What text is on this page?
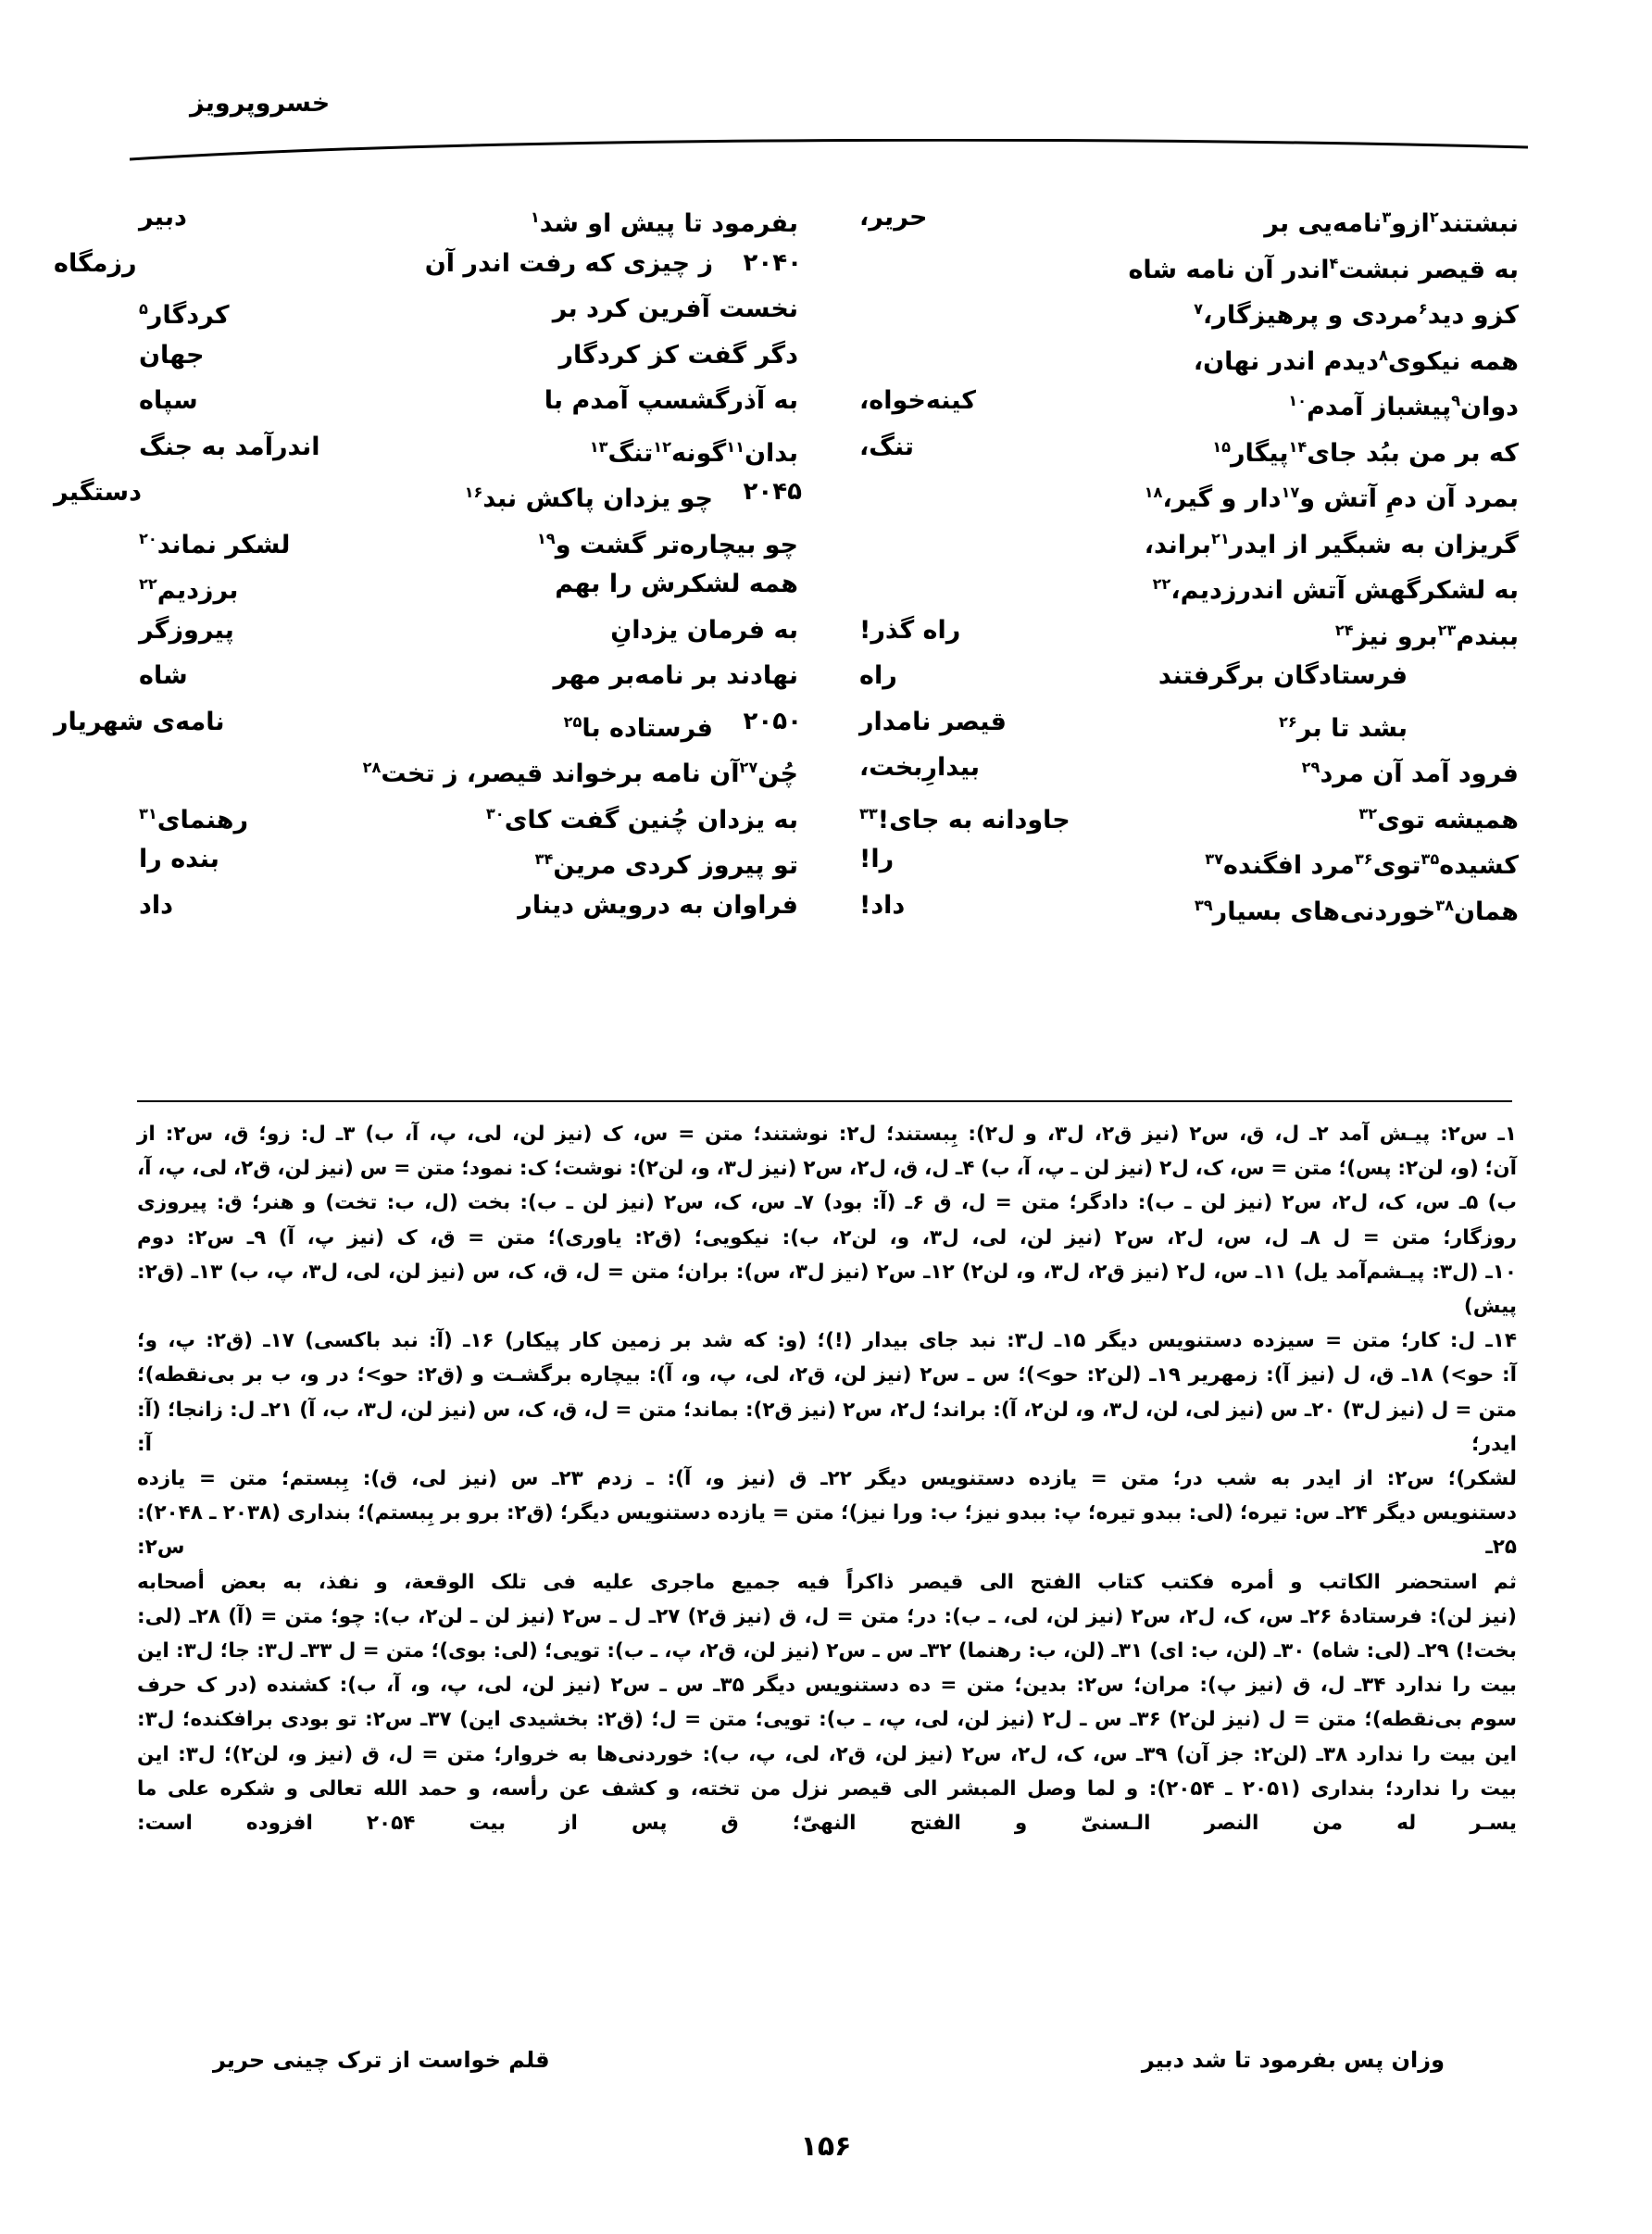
خسروپرویز
بفرمود تا پیش او شد$^۱$
دبیر
۲۰۴۰
ز چیزی که رفت اندر آن
رزمگاه
نخست آفرین کرد بر
کردگار$^۵$
دگر گفت کز کردگار
جهان
به آذرگشسپ آمدم با
سپاه
بدان$^{۱۱}$گونه$^{۱۲}$تنگ$^{۱۳}$
اندرآمد به جنگ
۲۰۴۵
چو یزدان پاکش نبد$^{۱۶}$
دستگیر
چو بیچاره‌تر گشت و$^{۱۹}$
لشکر نماند$^{۲۰}$
همه لشکرش را بهم
برزدیم$^{۲۲}$
به فرمان یزدانِ
پیروزگر
نهادند بر نامه‌بر مهر
شاه
۲۰۵۰
فرستاده با$^{۲۵}$
نامه‌ی شهریار
چُن$^{۲۷}$آن نامه برخواند قیصر، ز تخت$^{۲۸}$
به یزدان چُنین گفت کای$^{۳۰}$
رهنمای$^{۳۱}$
تو پیروز کردی مرین$^{۳۴}$
بنده را
فراوان به درویش دینار
داد
نبشتند$^۲$ازو$^۳$نامه‌یی بر
حریر،
به قیصر نبشت$^۴$اندر آن نامه شاه
کزو دید$^۶$مردی و پرهیزگار،$^۷$
همه نیکوی$^۸$دیدم اندر نهان،
دوان$^۹$پیشباز آمدم$^{۱۰}$
کینه‌خواه،
که بر من ببُد جای$^{۱۴}$پیگار$^{۱۵}$
تنگ،
بمرد آن دمِ آتش و$^{۱۷}$دار و گیر،$^{۱۸}$
گریزان به شبگیر از ایدر$^{۲۱}$براند،
به لشکرگهش آتش اندرزدیم،$^{۲۲}$
ببندم$^{۲۳}$برو نیز$^{۲۴}$
راه گذر!
فرستادگان برگرفتند
راه
بشد تا بر$^{۲۶}$
قیصر نامدار
فرود آمد آن مرد$^{۲۹}$
بیدارِبخت،
همیشه توی$^{۳۲}$
جاودانه به جای!$^{۳۳}$
کشیده$^{۳۵}$توی$^{۳۶}$مرد افگنده$^{۳۷}$
را!
همان$^{۳۸}$خوردنی‌های بسیار$^{۳۹}$
داد!

۱ـ س۲: پیـش آمد ۲ـ ل، ق، س۲ (نیز ق۲، ل۳، و ل۲): بِبستند؛ ل۲: نوشتند؛ متن = س، ک (نیز لن، لی، پ، آ، ب) ۳ـ ل: زو؛ ق، س۲: از

آن؛ (و، لن۲: پس)؛ متن = س، ک، ل۲ (نیز لن ـ پ، آ، ب) ۴ـ ل، ق، ل۲، س۲ (نیز ل۳، و، لن۲): نوشت؛ ک: نمود؛ متن = س (نیز لن، ق۲، لی، پ، آ،

ب) ۵ـ س، ک، ل۲، س۲ (نیز لن ـ ب): دادگر؛ متن = ل، ق ۶ـ (آ: بود) ۷ـ س، ک، س۲ (نیز لن ـ ب): بخت (ل، ب: تخت) و هنر؛ ق: پیروزی

روزگار؛ متن = ل ۸ـ ل، س، ل۲، س۲ (نیز لن، لی، ل۳، و، لن۲، ب): نیکویی؛ (ق۲: یاوری)؛ متن = ق، ک (نیز پ، آ) ۹ـ س۲: دوم

۱۰ـ (ل۳: پیـشم‌آمد یل) ۱۱ـ س، ل۲ (نیز ق۲، ل۳، و، لن۲) ۱۲ـ س۲ (نیز ل۳، س): بران؛ متن = ل، ق، ک، س (نیز لن، لی، ل۳، پ، ب) ۱۳ـ (ق۲: پیش)

۱۴ـ ل: کار؛ متن = سیزده دستنویس دیگر ۱۵ـ ل۳: نبد جای بیدار (!)؛ (و: که شد بر زمین کار پیکار) ۱۶ـ (آ: نبد باکسی) ۱۷ـ (ق۲: پ، و؛

آ: حو>) ۱۸ـ ق، ل (نیز آ): زمهریر ۱۹ـ (لن۲: حو>)؛ س ـ س۲ (نیز لن، ق۲، لی، پ، و، آ): بیچاره برگشـت و (ق۲: حو>؛ در و، ب بر بی‌نقطه)؛

متن = ل (نیز ل۳) ۲۰ـ س (نیز لی، لن، ل۳، و، لن۲، آ): براند؛ ل۲، س۲ (نیز ق۲): بماند؛ متن = ل، ق، ک، س (نیز لن، ل۳، ب، آ) ۲۱ـ ل: زانجا؛ (آ: ایدر؛ آ:

لشکر)؛ س۲: از ایدر به شب در؛ متن = یازده دستنویس دیگر ۲۲ـ ق (نیز و، آ): ـ زدم ۲۳ـ س (نیز لی، ق): بِبستم؛ متن = یازده

دستنویس دیگر ۲۴ـ س: تیره؛ (لی: ببدو تیره؛ پ: ببدو نیز؛ ب: ورا نیز)؛ متن = یازده دستنویس دیگر؛ (ق۲: برو بر بِبستم)؛ بنداری (۲۰۳۸ ـ ۲۰۴۸): ۲۵ـ س۲:

ثم استحضر الکاتب و أمره فکتب کتاب الفتح الی قیصر ذاکراً فیه جمیع ماجری علیه فی تلک الوقعة، و نفذ، به بعض أصحابه

(نیز لن): فرستادهٔ ۲۶ـ س، ک، ل۲، س۲ (نیز لن، لی، ـ ب): در؛ متن = ل، ق (نیز ق۲) ۲۷ـ ل ـ س۲ (نیز لن ـ لن۲، ب): چو؛ متن = (آ) ۲۸ـ (لی:

بخت!) ۲۹ـ (لی: شاه) ۳۰ـ (لن، ب: ای) ۳۱ـ (لن، ب: رهنما) ۳۲ـ س ـ س۲ (نیز لن، ق۲، پ، ـ ب): تویی؛ (لی: بوی)؛ متن = ل ۳۳ـ ل۳: جا؛ ل۳: این

بیت را ندارد ۳۴ـ ل، ق (نیز پ): مران؛ س۲: بدین؛ متن = ده دستنویس دیگر ۳۵ـ س ـ س۲ (نیز لن، لی، پ، و، آ، ب): کشنده (در ک حرف

سوم بی‌نقطه)؛ متن = ل (نیز لن۲) ۳۶ـ س ـ ل۲ (نیز لن، لی، پ، ـ ب): تویی؛ متن = ل؛ (ق۲: بخشیدی این) ۳۷ـ س۲: تو بودی برافکنده؛ ل۳:

این بیت را ندارد ۳۸ـ (لن۲: جز آن) ۳۹ـ س، ک، ل۲، س۲ (نیز لن، ق۲، لی، پ، ب): خوردنی‌ها به خروار؛ متن = ل، ق (نیز و، لن۲)؛ ل۳: این

بیت را ندارد؛ بنداری (۲۰۵۱ ـ ۲۰۵۴): و لما وصل المبشر الی قیصر نزل من تخته، و کشف عن رأسه، و حمد الله تعالی و شکره علی ما

یسـر له من النصر الـسنیّ و الفتح النهیّ؛ ق پس از بیت ۲۰۵۴ افزوده است:

وزان پس بفرمود تا شد دبیر
قلم خواست از ترک چینی حریر
۱۵۶
